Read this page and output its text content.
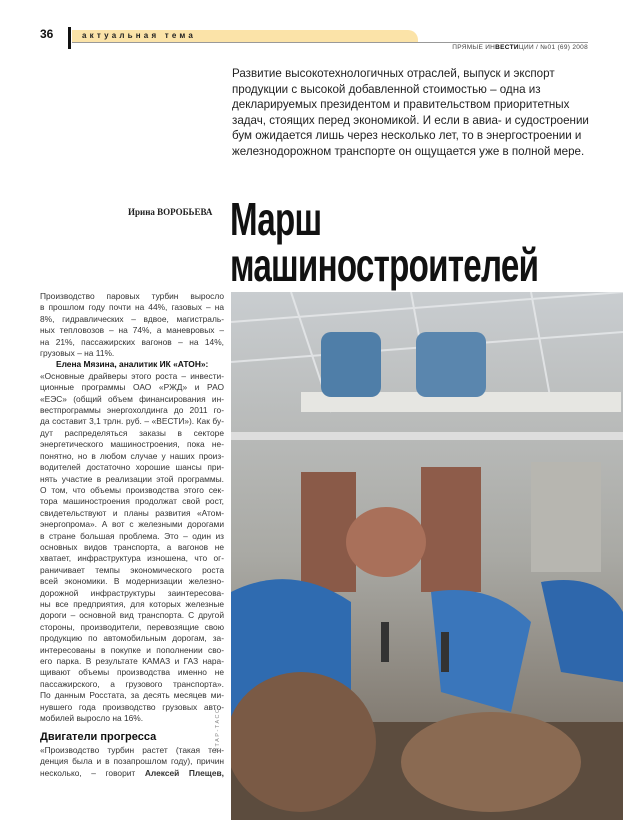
36	актуальная тема
ПРЯМЫЕ ИНВЕСТИЦИИ / №01 (69) 2008
Развитие высокотехнологичных отраслей, выпуск и экспорт продукции с высокой добавленной стоимостью – одна из декларируемых президентом и правительством приоритетных задач, стоящих перед экономикой. И если в авиа- и судостроении бум ожидается лишь через несколько лет, то в энергостроении и железнодорожном транспорте он ощущается уже в полной мере.
Ирина ВОРОБЬЕВА Марш
машиностроителей
Производство паровых турбин выросло
в прошлом году почти на 44%, газовых – на
8%, гидравлических – вдвое, магистраль-
ных тепловозов – на 74%, а маневровых –
на 21%, пассажирских вагонов – на 14%,
грузовых – на 11%.
Елена Мязина, аналитик ИК «АТОН»:
«Основные драйверы этого роста – инвести-
ционные программы ОАО «РЖД» и РАО
«ЕЭС» (общий объем финансирования ин-
вестпрограммы энергохолдинга до 2011 го-
да составит 3,1 трлн. руб. – «ВЕСТИ»). Как бу-
дут распределяться заказы в секторе
энергетического машиностроения, пока не-
понятно, но в любом случае у наших произ-
водителей достаточно хорошие шансы при-
нять участие в реализации этой программы.
О том, что объемы производства этого сек-
тора машиностроения продолжат свой рост,
свидетельствуют и планы развития «Атом-
энергопрома». А вот с железными дорогами
в стране большая проблема. Это – один из
основных видов транспорта, а вагонов не
хватает, инфраструктура изношена, что ог-
раничивает темпы экономического роста
всей экономики. В модернизации железно-
дорожной инфраструктуры заинтересова-
ны все предприятия, для которых железные
дороги – основной вид транспорта. С другой
стороны, производители, перевозящие свою
продукцию по автомобильным дорогам, за-
интересованы в покупке и пополнении сво-
его парка. В результате КАМАЗ и ГАЗ нара-
щивают объемы производства именно не
пассажирского, а грузового транспорта».
По данным Росстата, за десять месяцев ми-
нувшего года производство грузовых авто-
мобилей выросло на 16%.
Двигатели прогресса
«Производство турбин растет (такая тен-
денция была и в позапрошлом году), причин
несколько, – говорит Алексей Плещев,
ИТАР-ТАСС
